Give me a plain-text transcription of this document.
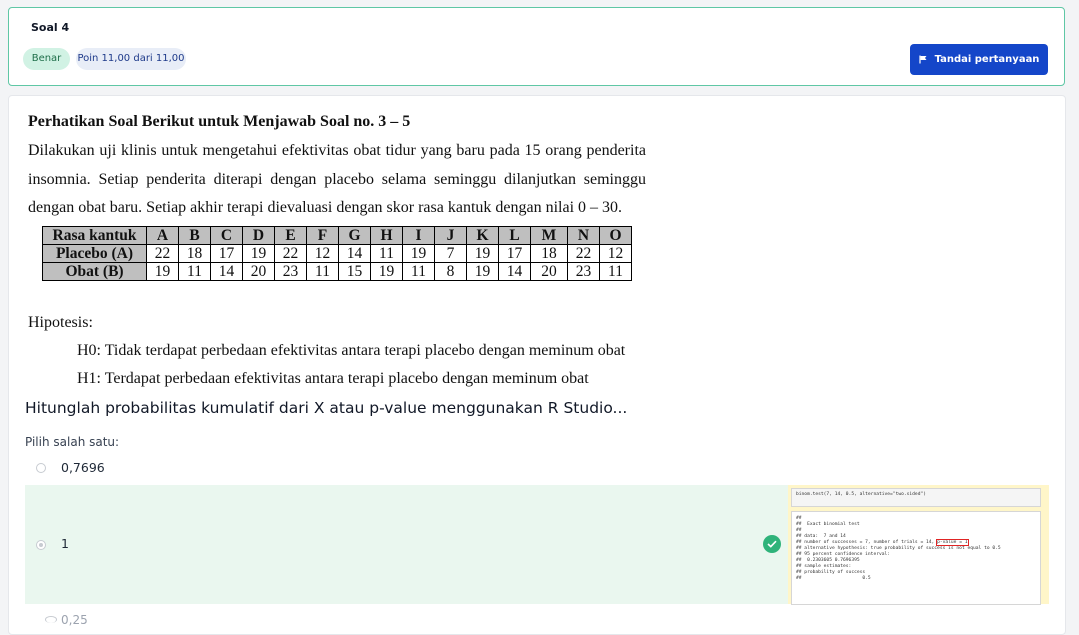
Soal 4
Benar	Poin 11,00 dari 11,00	Tandai pertanyaan
Perhatikan Soal Berikut untuk Menjawab Soal no. 3 – 5
Dilakukan uji klinis untuk mengetahui efektivitas obat tidur yang baru pada 15 orang penderita
insomnia. Setiap penderita diterapi dengan placebo selama seminggu dilanjutkan seminggu
dengan obat baru. Setiap akhir terapi dievaluasi dengan skor rasa kantuk dengan nilai 0 – 30.
Rasa kantuk	A	B	C	D	E	F	G	H	I	J	K	L	M	N	O
Placebo (A)	22	18	17	19	22	12	14	11	19	7	19	17	18	22	12
Obat (B)	19	11	14	20	23	11	15	19	11	8	19	14	20	23	11
Hipotesis:
H0: Tidak terdapat perbedaan efektivitas antara terapi placebo dengan meminum obat
H1: Terdapat perbedaan efektivitas antara terapi placebo dengan meminum obat
Hitunglah probabilitas kumulatif dari X atau p-value menggunakan R Studio...
Pilih salah satu:
0,7696
1
binom.test(7, 14, 0.5, alternative="two.sided")
##
##  Exact binomial test
##
## data:  7 and 14
## number of successes = 7, number of trials = 14, p-value = 1
## alternative hypothesis: true probability of success is not equal to 0.5
## 95 percent confidence interval:
##  0.2303605 0.7696395
## sample estimates:
## probability of success
##                      0.5
0,25
